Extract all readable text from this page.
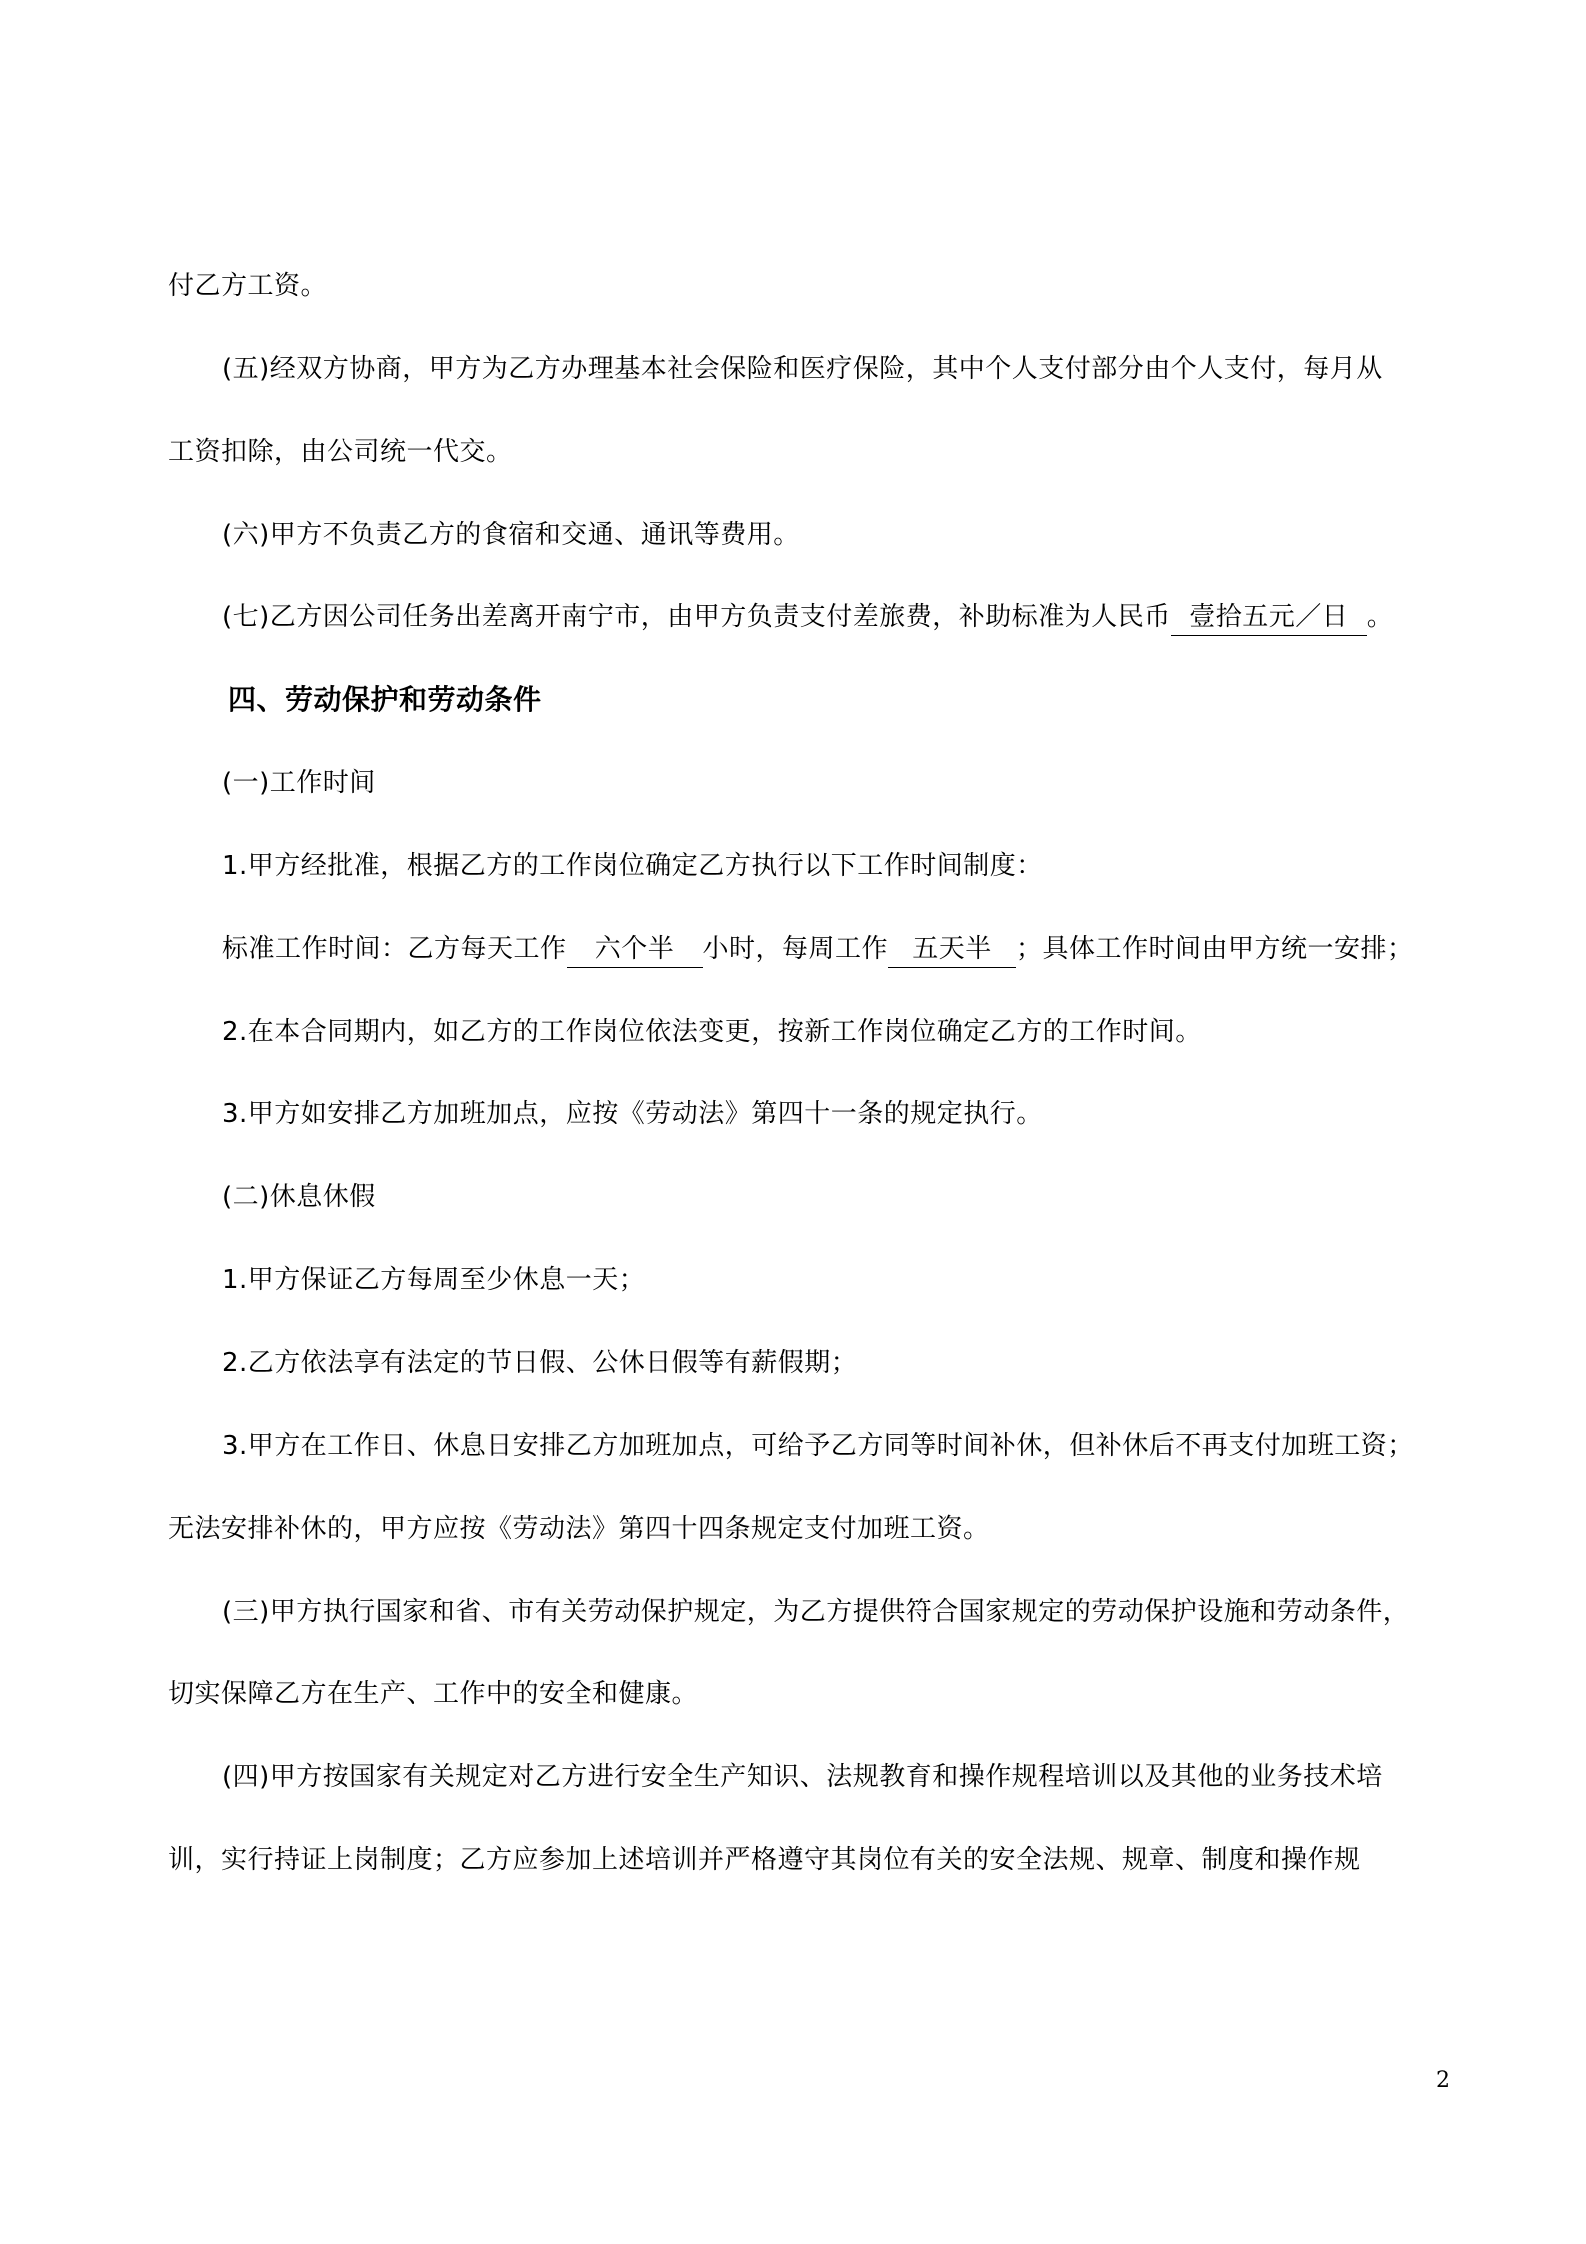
付乙方工资。
(五)经双方协商，甲方为乙方办理基本社会保险和医疗保险，其中个人支付部分由个人支付，每月从
工资扣除，由公司统一代交。
(六)甲方不负责乙方的食宿和交通、通讯等费用。
(七)乙方因公司任务出差离开南宁市，由甲方负责支付差旅费，补助标准为人民币 壹拾五元／日 。
四、劳动保护和劳动条件
(一)工作时间
1.甲方经批准，根据乙方的工作岗位确定乙方执行以下工作时间制度：
标准工作时间：乙方每天工作 六个半 小时，每周工作 五天半 ；具体工作时间由甲方统一安排；
2.在本合同期内，如乙方的工作岗位依法变更，按新工作岗位确定乙方的工作时间。
3.甲方如安排乙方加班加点，应按《劳动法》第四十一条的规定执行。
(二)休息休假
1.甲方保证乙方每周至少休息一天；
2.乙方依法享有法定的节日假、公休日假等有薪假期；
3.甲方在工作日、休息日安排乙方加班加点，可给予乙方同等时间补休，但补休后不再支付加班工资；
无法安排补休的，甲方应按《劳动法》第四十四条规定支付加班工资。
(三)甲方执行国家和省、市有关劳动保护规定，为乙方提供符合国家规定的劳动保护设施和劳动条件，
切实保障乙方在生产、工作中的安全和健康。
(四)甲方按国家有关规定对乙方进行安全生产知识、法规教育和操作规程培训以及其他的业务技术培
训，实行持证上岗制度；乙方应参加上述培训并严格遵守其岗位有关的安全法规、规章、制度和操作规
2
